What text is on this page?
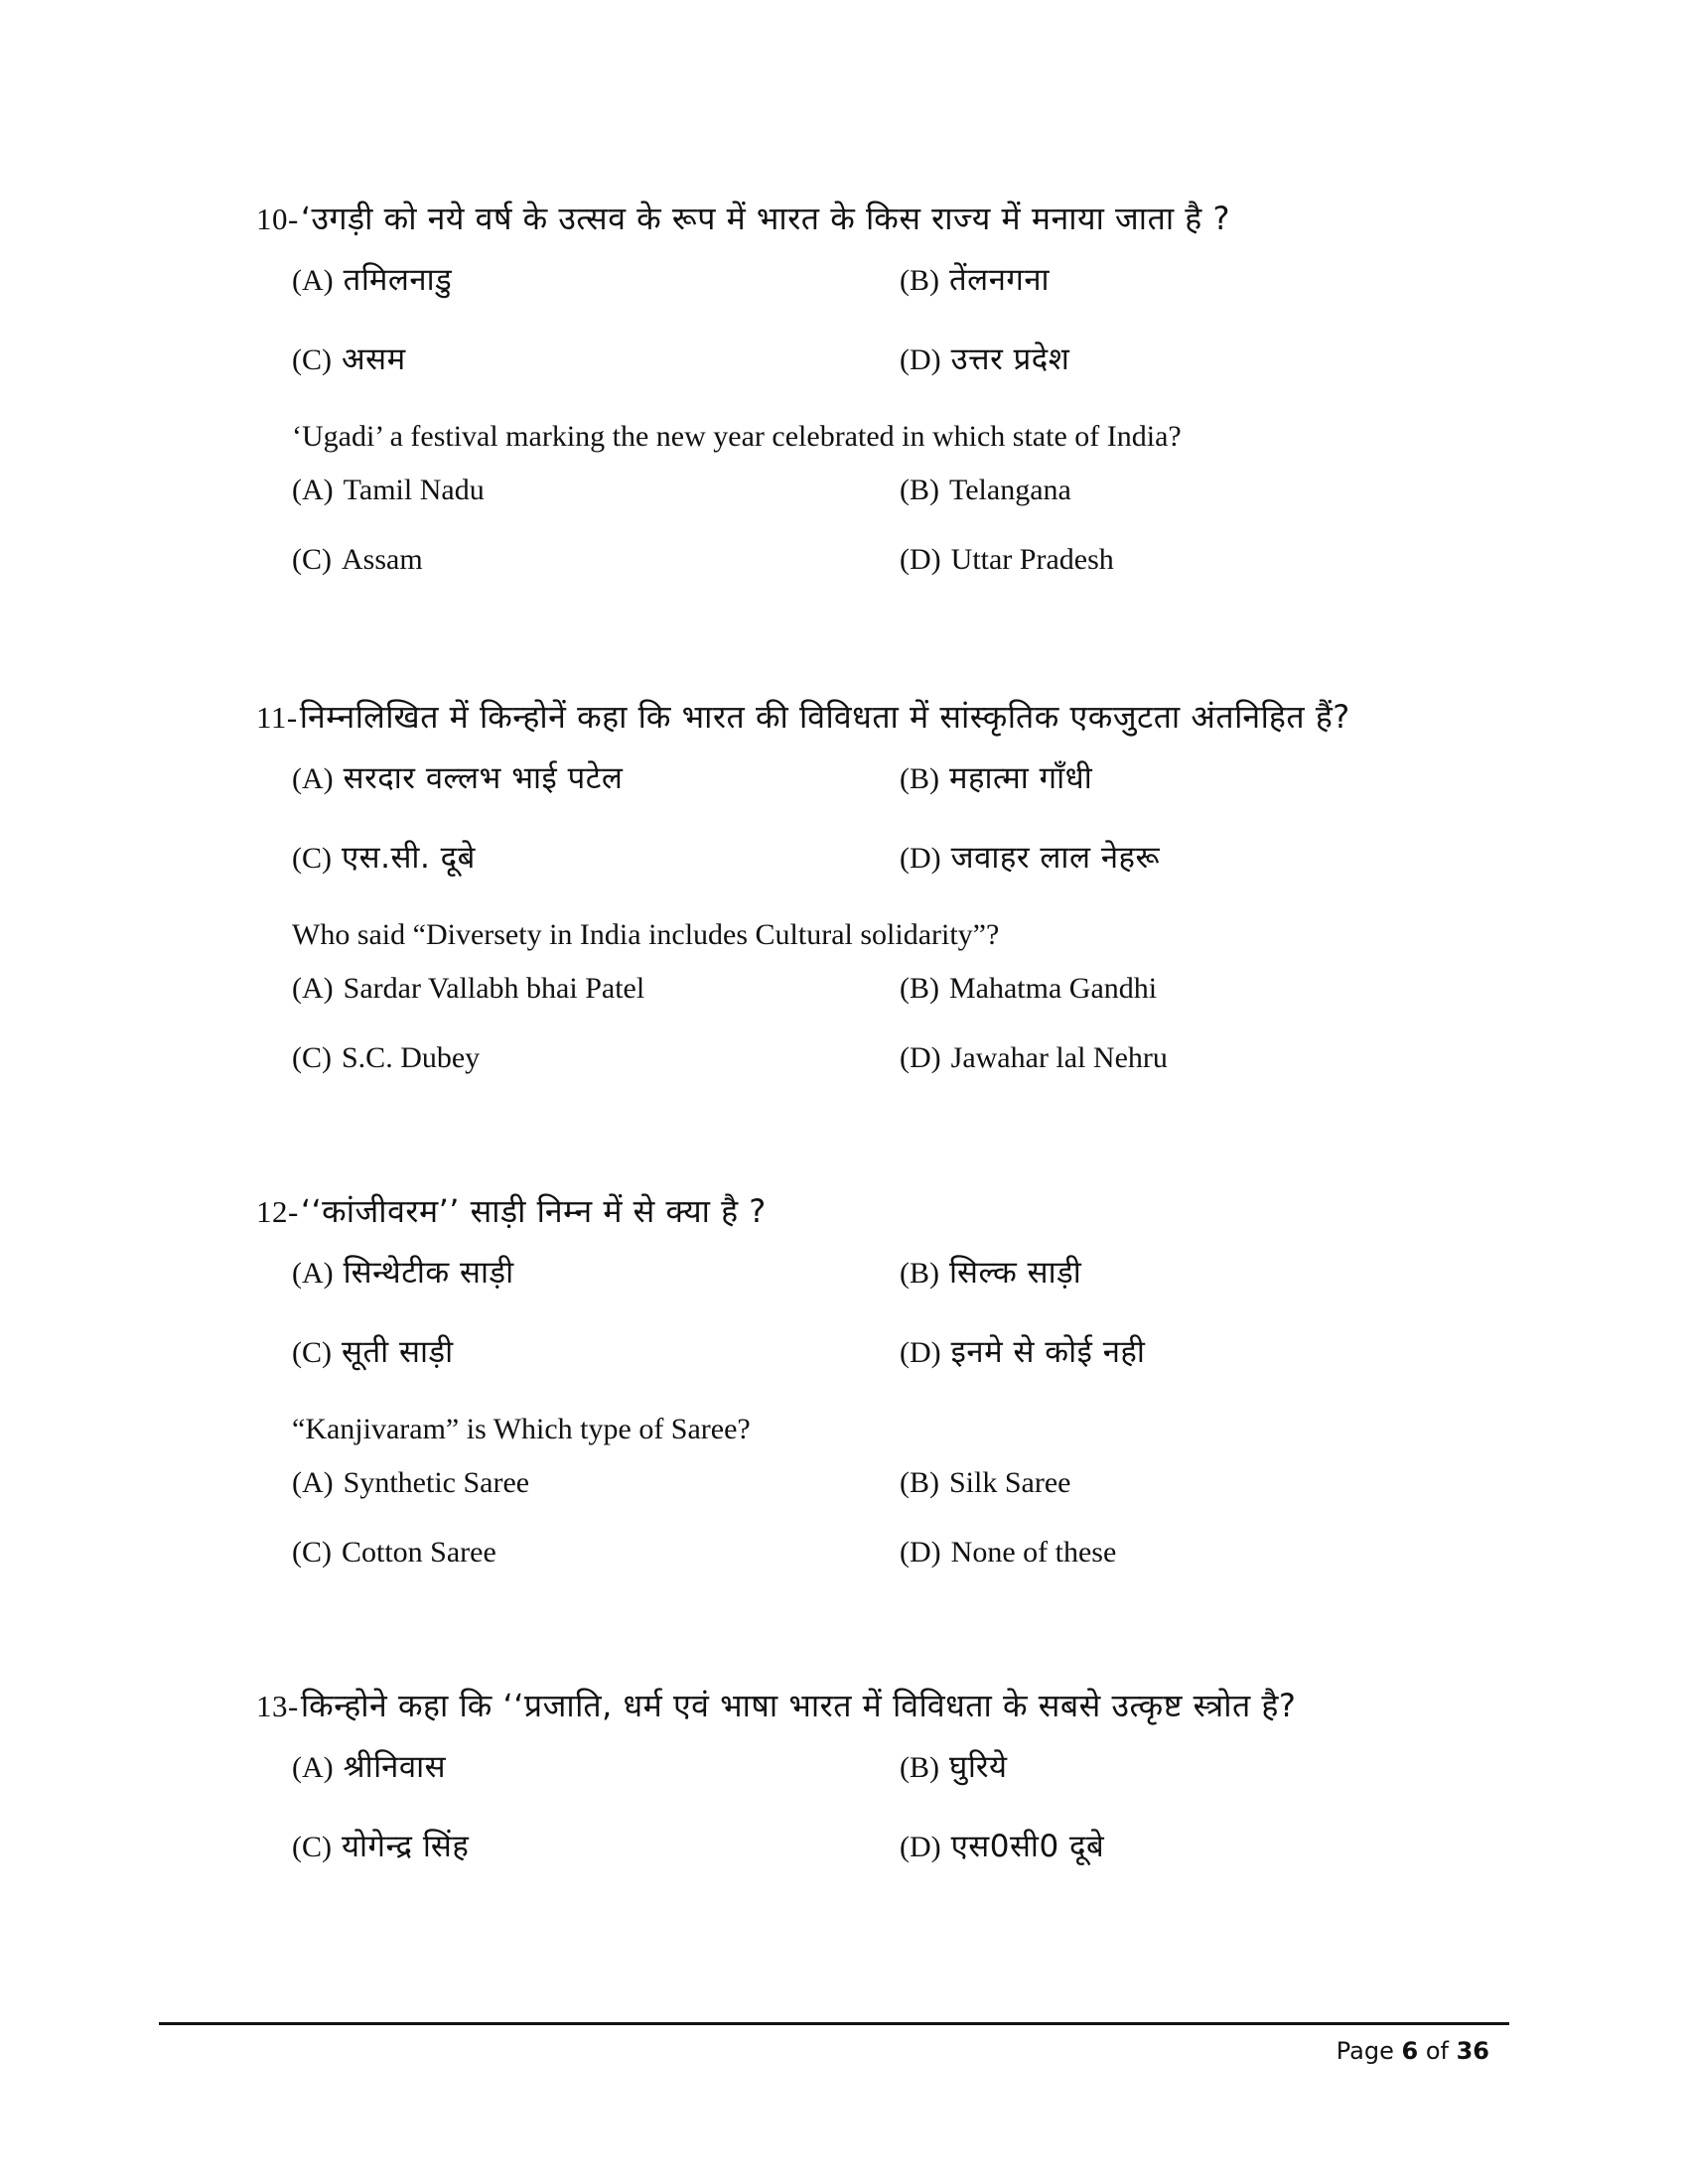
10-‘उगड़ी को नये वर्ष के उत्सव के रूप में भारत के किस राज्य में मनाया जाता है ?
(A) तमिलनाडु	(B) तेंलनगना
(C) असम	(D) उत्तर प्रदेश
‘Ugadi’ a festival marking the new year celebrated in which state of India?
(A) Tamil Nadu	(B) Telangana
(C) Assam	(D) Uttar Pradesh
11-निम्नलिखित में किन्होनें कहा कि भारत की विविधता में सांस्कृतिक एकजुटता अंतनिहित हैं?
(A) सरदार वल्लभ भाई पटेल	(B) महात्मा गाँधी
(C) एस.सी. दूबे	(D) जवाहर लाल नेहरू
Who said “Diversety in India includes Cultural solidarity”?
(A) Sardar Vallabh bhai Patel	(B) Mahatma Gandhi
(C) S.C. Dubey	(D) Jawahar lal Nehru
12-‘‘कांजीवरम’’ साड़ी निम्न में से क्या है ?
(A) सिन्थेटीक साड़ी	(B) सिल्क साड़ी
(C) सूती साड़ी	(D) इनमे से कोई नही
“Kanjivaram” is Which type of Saree?
(A) Synthetic Saree	(B) Silk Saree
(C) Cotton Saree	(D) None of these
13-किन्होने कहा कि ‘‘प्रजाति, धर्म एवं भाषा भारत में विविधता के सबसे उत्कृष्ट स्त्रोत है?
(A) श्रीनिवास	(B) घुरिये
(C) योगेन्द्र सिंह	(D) एस0सी0 दूबे
Page 6 of 36
